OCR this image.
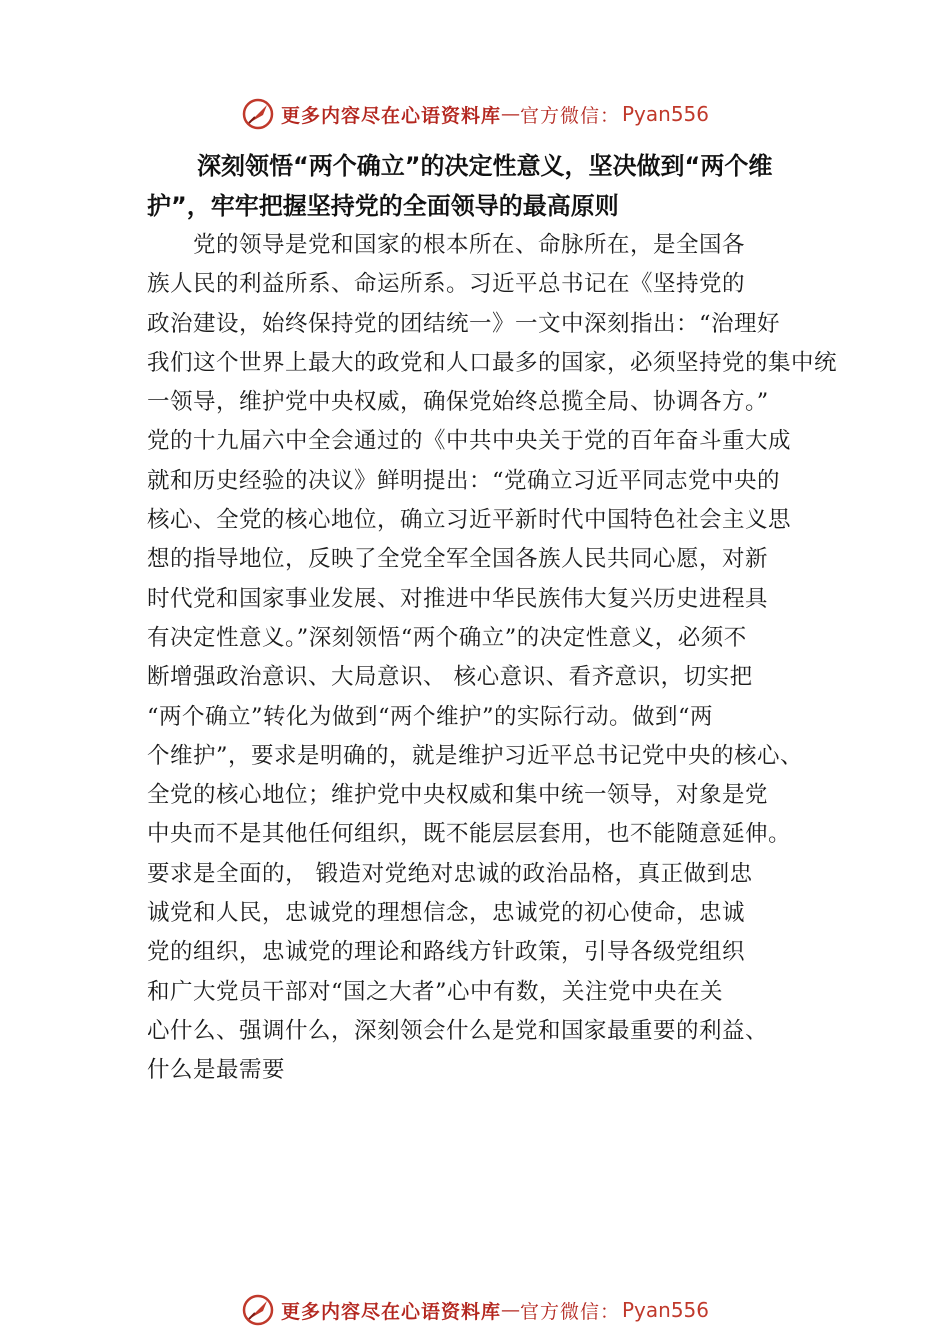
更多内容尽在心语资料库 — 官方微信： Pyan556
深刻领悟“两个确立”的决定性意义，坚决做到“两个维护”，牢牢把握坚持党的全面领导的最高原则
党的领导是党和国家的根本所在、命脉所在，是全国各
族人民的利益所系、命运所系。习近平总书记在《坚持党的
政治建设，始终保持党的团结统一》一文中深刻指出：“治理好
我们这个世界上最大的政党和人口最多的国家，必须坚持党的集中统
一领导，维护党中央权威，确保党始终总揽全局、协调各方。”
党的十九届六中全会通过的《中共中央关于党的百年奋斗重大成
就和历史经验的决议》鲜明提出：“党确立习近平同志党中央的
核心、全党的核心地位，确立习近平新时代中国特色社会主义思
想的指导地位，反映了全党全军全国各族人民共同心愿，对新
时代党和国家事业发展、对推进中华民族伟大复兴历史进程具
有决定性意义。”深刻领悟“两个确立”的决定性意义，必须不
断增强政治意识、大局意识、 核心意识、看齐意识，切实把
“两个确立”转化为做到“两个维护”的实际行动。做到“两
个维护”，要求是明确的，就是维护习近平总书记党中央的核心、
全党的核心地位；维护党中央权威和集中统一领导，对象是党
中央而不是其他任何组织，既不能层层套用，也不能随意延伸。
要求是全面的， 锻造对党绝对忠诚的政治品格，真正做到忠
诚党和人民，忠诚党的理想信念，忠诚党的初心使命，忠诚
党的组织，忠诚党的理论和路线方针政策，引导各级党组织
和广大党员干部对“国之大者”心中有数，关注党中央在关
心什么、强调什么，深刻领会什么是党和国家最重要的利益、
什么是最需要
更多内容尽在心语资料库 — 官方微信： Pyan556
